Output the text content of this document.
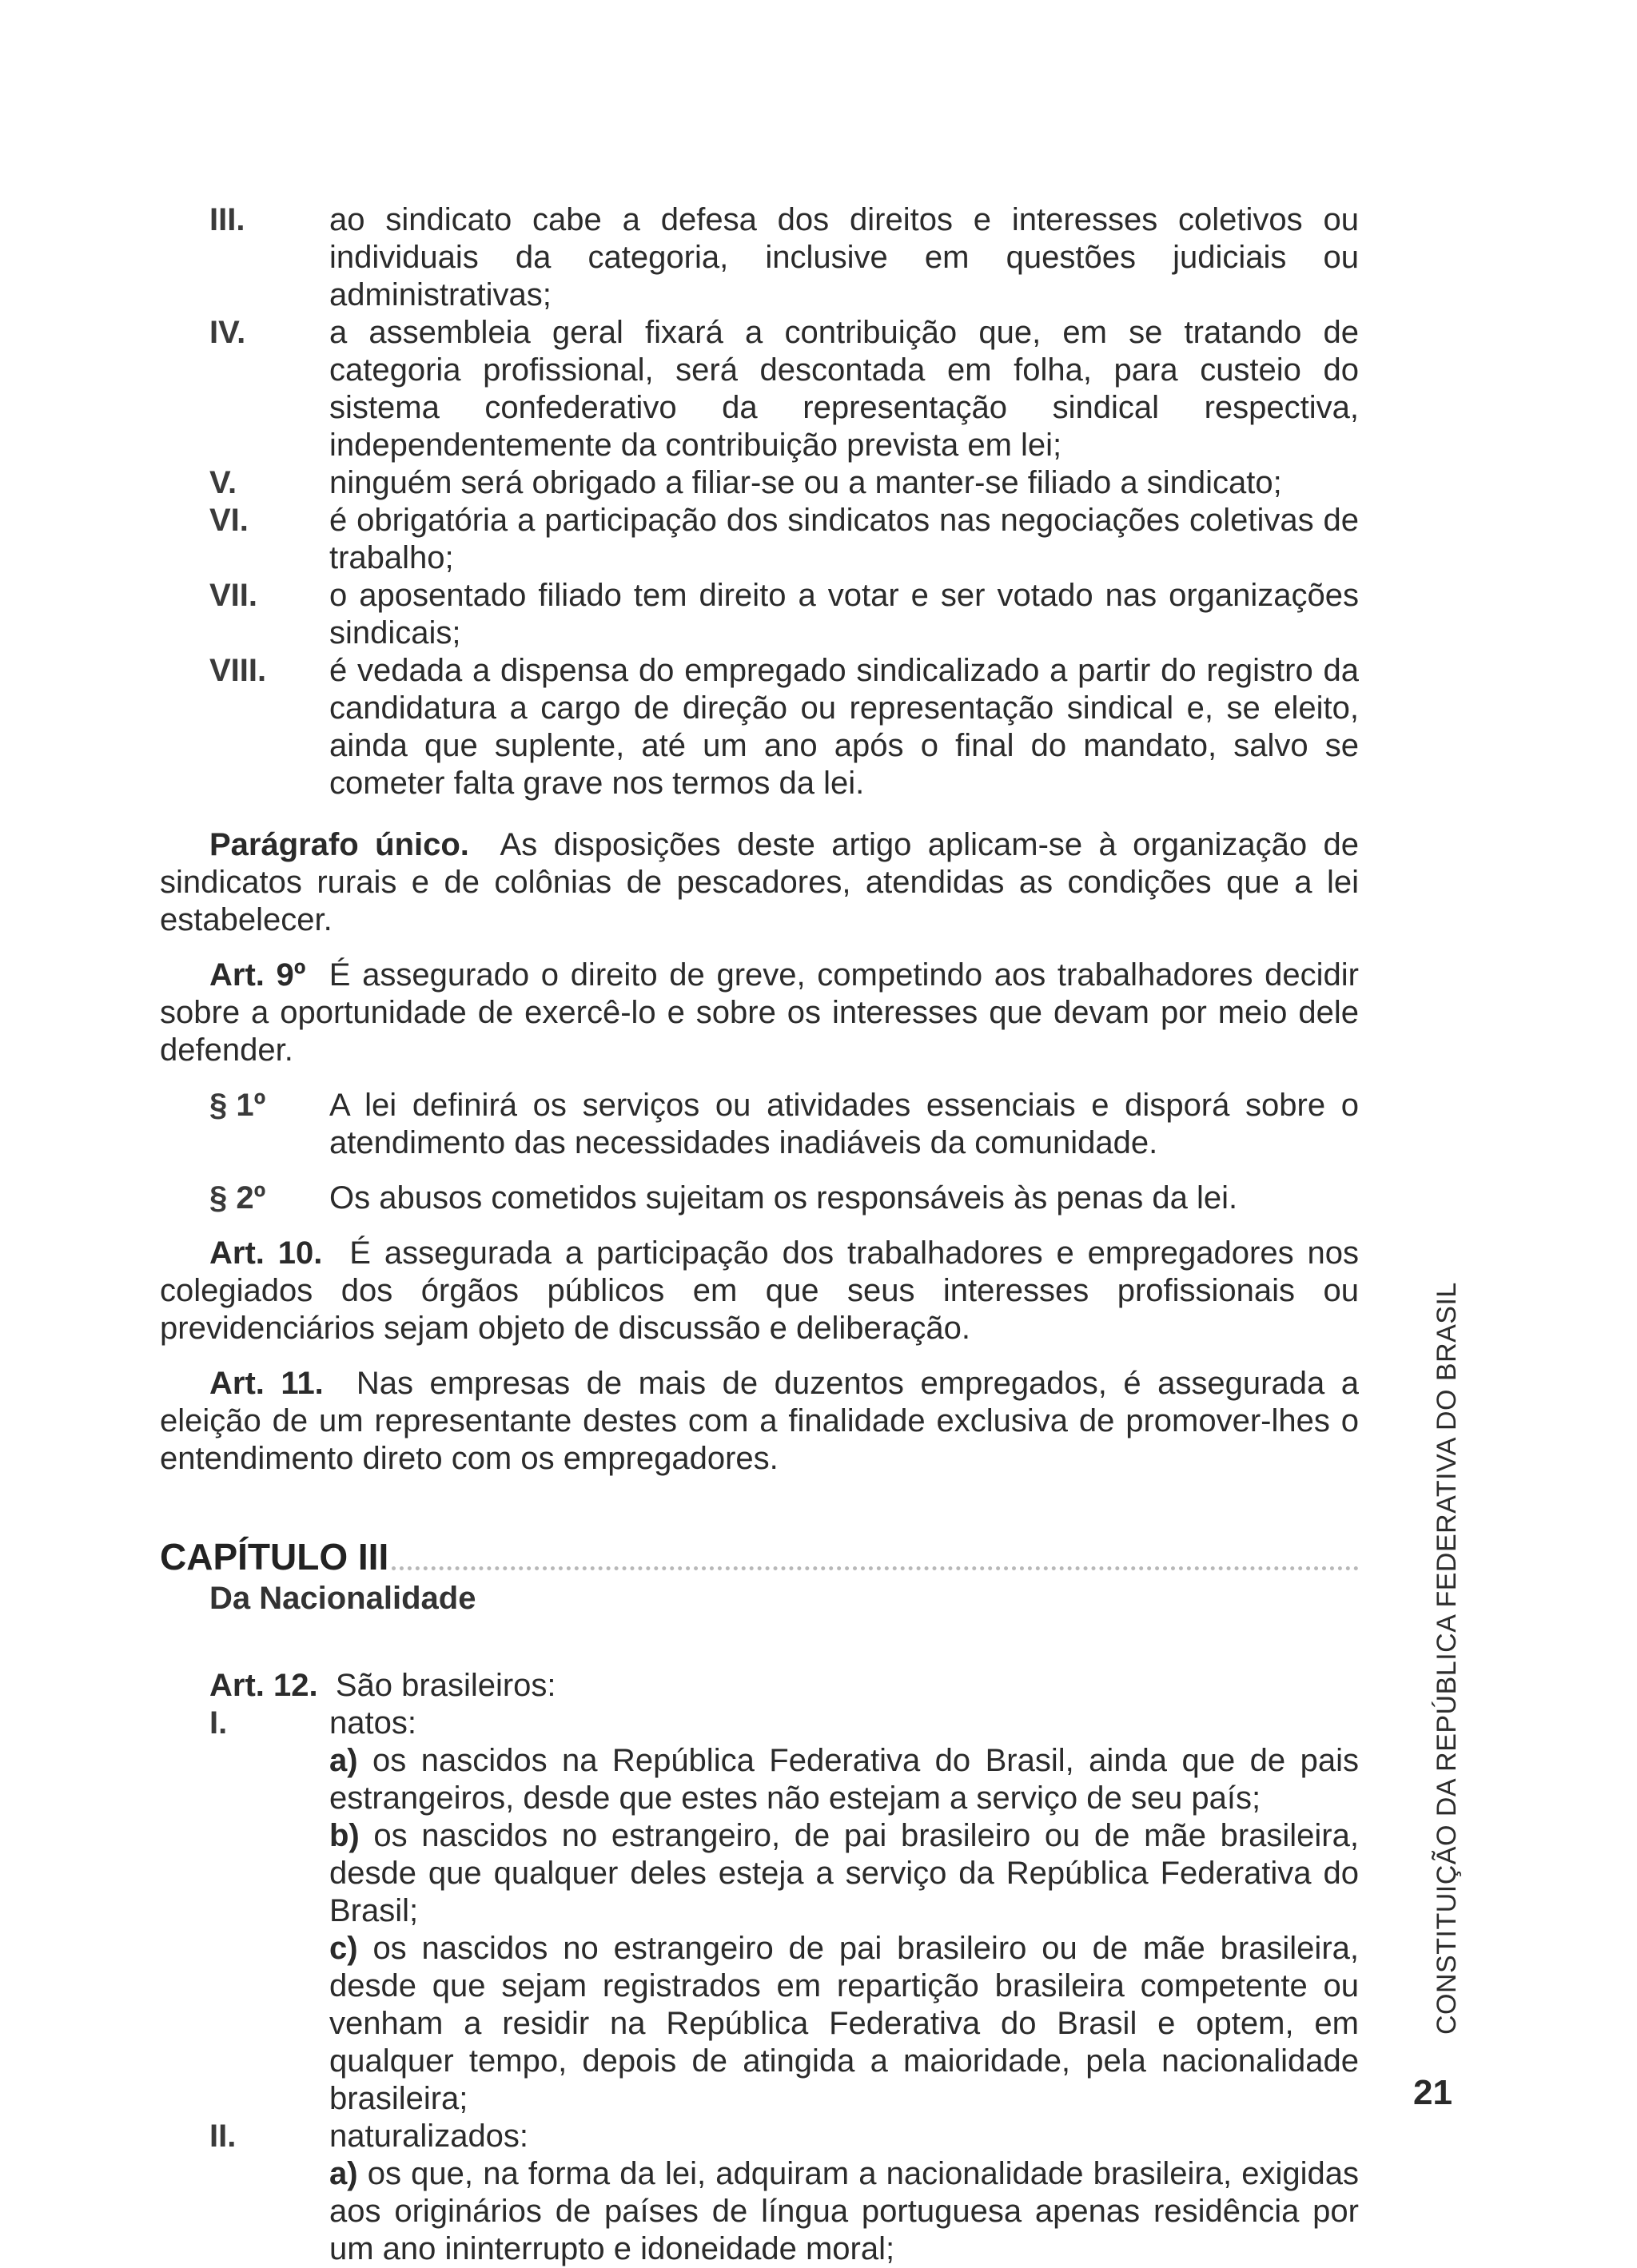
III.	ao sindicato cabe a defesa dos direitos e interesses coletivos ou individuais da categoria, inclusive em questões judiciais ou administrativas;
IV.	a assembleia geral fixará a contribuição que, em se tratando de categoria profissional, será descontada em folha, para custeio do sistema confederativo da representação sindical respectiva, independentemente da contribuição prevista em lei;
V.	ninguém será obrigado a filiar-se ou a manter-se filiado a sindicato;
VI.	é obrigatória a participação dos sindicatos nas negociações coletivas de trabalho;
VII.	o aposentado filiado tem direito a votar e ser votado nas organizações sindicais;
VIII.	é vedada a dispensa do empregado sindicalizado a partir do registro da candidatura a cargo de direção ou representação sindical e, se eleito, ainda que suplente, até um ano após o final do mandato, salvo se cometer falta grave nos termos da lei.

Parágrafo único. As disposições deste artigo aplicam-se à organização de sindicatos rurais e de colônias de pescadores, atendidas as condições que a lei estabelecer.

Art. 9º É assegurado o direito de greve, competindo aos trabalhadores decidir sobre a oportunidade de exercê-lo e sobre os interesses que devam por meio dele defender.

§ 1º	A lei definirá os serviços ou atividades essenciais e disporá sobre o atendimento das necessidades inadiáveis da comunidade.
§ 2º	Os abusos cometidos sujeitam os responsáveis às penas da lei.

Art. 10. É assegurada a participação dos trabalhadores e empregadores nos colegiados dos órgãos públicos em que seus interesses profissionais ou previdenciários sejam objeto de discussão e deliberação.

Art. 11. Nas empresas de mais de duzentos empregados, é assegurada a eleição de um representante destes com a finalidade exclusiva de promover-lhes o entendimento direto com os empregadores.

CAPÍTULO III
Da Nacionalidade
Art. 12. São brasileiros:
I.	natos:
a) os nascidos na República Federativa do Brasil, ainda que de pais estrangeiros, desde que estes não estejam a serviço de seu país;
b) os nascidos no estrangeiro, de pai brasileiro ou de mãe brasileira, desde que qualquer deles esteja a serviço da República Federativa do Brasil;
c) os nascidos no estrangeiro de pai brasileiro ou de mãe brasileira, desde que sejam registrados em repartição brasileira competente ou venham a residir na República Federativa do Brasil e optem, em qualquer tempo, depois de atingida a maioridade, pela nacionalidade brasileira;
II.	naturalizados:
a) os que, na forma da lei, adquiram a nacionalidade brasileira, exigidas aos originários de países de língua portuguesa apenas residência por um ano ininterrupto e idoneidade moral;
CONSTITUIÇÃO DA REPÚBLICA FEDERATIVA DO BRASIL
21
